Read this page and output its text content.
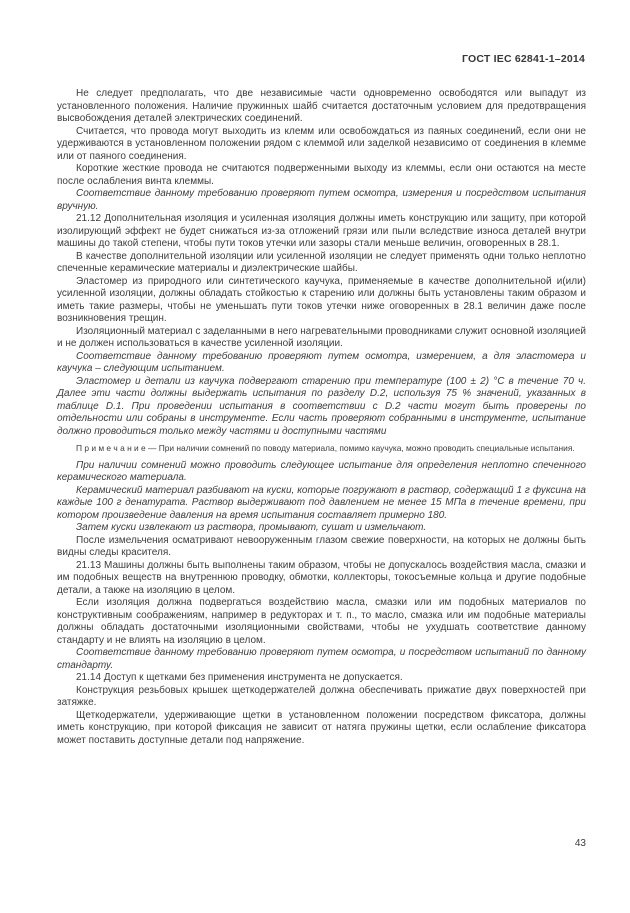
ГОСТ IEC 62841-1–2014

Не следует предполагать, что две независимые части одновременно освободятся или выпадут из установленного положения. Наличие пружинных шайб считается достаточным условием для предотвращения высвобождения деталей электрических соединений.

Считается, что провода могут выходить из клемм или освобождаться из паяных соединений, если они не удерживаются в установленном положении рядом с клеммой или заделкой независимо от соединения в клемме или от паяного соединения.

Короткие жесткие провода не считаются подверженными выходу из клеммы, если они остаются на месте после ослабления винта клеммы.

Соответствие данному требованию проверяют путем осмотра, измерения и посредством испытания вручную.

21.12 Дополнительная изоляция и усиленная изоляция должны иметь конструкцию или защиту, при которой изолирующий эффект не будет снижаться из-за отложений грязи или пыли вследствие износа деталей внутри машины до такой степени, чтобы пути токов утечки или зазоры стали меньше величин, оговоренных в 28.1.

В качестве дополнительной изоляции или усиленной изоляции не следует применять одни только неплотно спеченные керамические материалы и диэлектрические шайбы.

Эластомер из природного или синтетического каучука, применяемые в качестве дополнительной и(или) усиленной изоляции, должны обладать стойкостью к старению или должны быть установлены таким образом и иметь такие размеры, чтобы не уменьшать пути токов утечки ниже оговоренных в 28.1 величин даже после возникновения трещин.

Изоляционный материал с заделанными в него нагревательными проводниками служит основной изоляцией и не должен использоваться в качестве усиленной изоляции.

Соответствие данному требованию проверяют путем осмотра, измерением, а для эластомера и каучука – следующим испытанием.

Эластомер и детали из каучука подвергают старению при температуре (100 ± 2) °С в течение 70 ч. Далее эти части должны выдержать испытания по разделу D.2, используя 75 % значений, указанных в таблице D.1. При проведении испытания в соответствии с D.2 части могут быть проверены по отдельности или собраны в инструменте. Если часть проверяют собранными в инструменте, испытание должно проводиться только между частями и доступными частями

П р и м е ч а н и е — При наличии сомнений по поводу материала, помимо каучука, можно проводить специальные испытания.

При наличии сомнений можно проводить следующее испытание для определения неплотно спеченного керамического материала.

Керамический материал разбивают на куски, которые погружают в раствор, содержащий 1 г фуксина на каждые 100 г денатурата. Раствор выдерживают под давлением не менее 15 МПа в течение времени, при котором произведение давления на время испытания составляет примерно 180.

Затем куски извлекают из раствора, промывают, сушат и измельчают.

После измельчения осматривают невооруженным глазом свежие поверхности, на которых не должны быть видны следы красителя.

21.13 Машины должны быть выполнены таким образом, чтобы не допускалось воздействия масла, смазки и им подобных веществ на внутреннюю проводку, обмотки, коллекторы, токосъемные кольца и другие подобные детали, а также на изоляцию в целом.

Если изоляция должна подвергаться воздействию масла, смазки или им подобных материалов по конструктивным соображениям, например в редукторах и т. п., то масло, смазка или им подобные материалы должны обладать достаточными изоляционными свойствами, чтобы не ухудшать соответствие данному стандарту и не влиять на изоляцию в целом.

Соответствие данному требованию проверяют путем осмотра, и посредством испытаний по данному стандарту.

21.14 Доступ к щетками без применения инструмента не допускается.

Конструкция резьбовых крышек щеткодержателей должна обеспечивать прижатие двух поверхностей при затяжке.

Щеткодержатели, удерживающие щетки в установленном положении посредством фиксатора, должны иметь конструкцию, при которой фиксация не зависит от натяга пружины щетки, если ослабление фиксатора может поставить доступные детали под напряжение.

43
